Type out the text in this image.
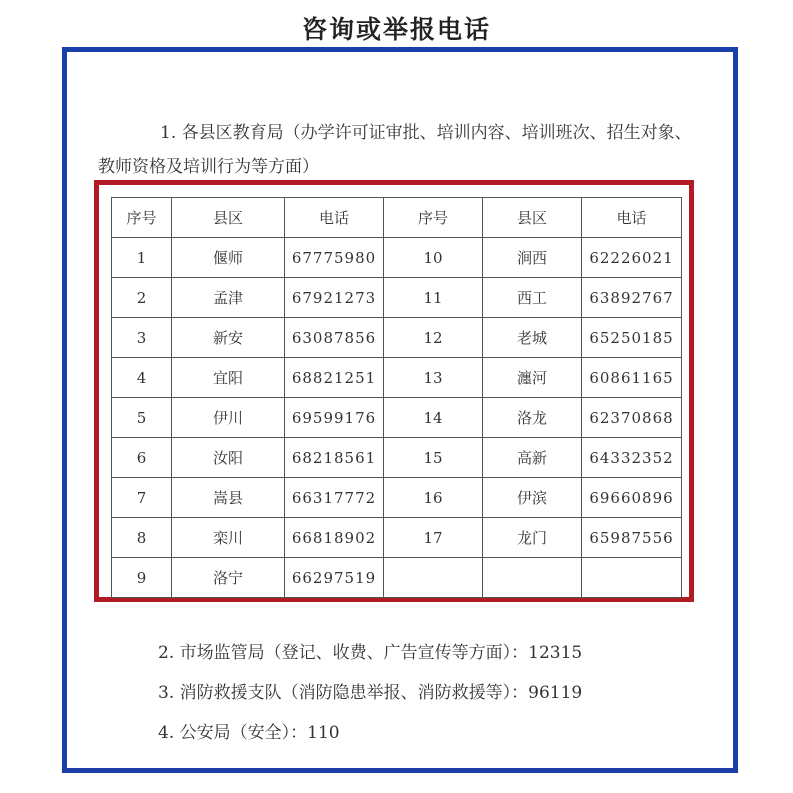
咨询或举报电话
1. 各县区教育局（办学许可证审批、培训内容、培训班次、招生对象、教师资格及培训行为等方面）
序号	县区	电话	序号	县区	电话
1	偃师	67775980	10	涧西	62226021
2	孟津	67921273	11	西工	63892767
3	新安	63087856	12	老城	65250185
4	宜阳	68821251	13	瀍河	60861165
5	伊川	69599176	14	洛龙	62370868
6	汝阳	68218561	15	高新	64332352
7	嵩县	66317772	16	伊滨	69660896
8	栾川	66818902	17	龙门	65987556
9	洛宁	66297519			
2. 市场监管局（登记、收费、广告宣传等方面）：12315
3. 消防救援支队（消防隐患举报、消防救援等）：96119
4. 公安局（安全）：110
